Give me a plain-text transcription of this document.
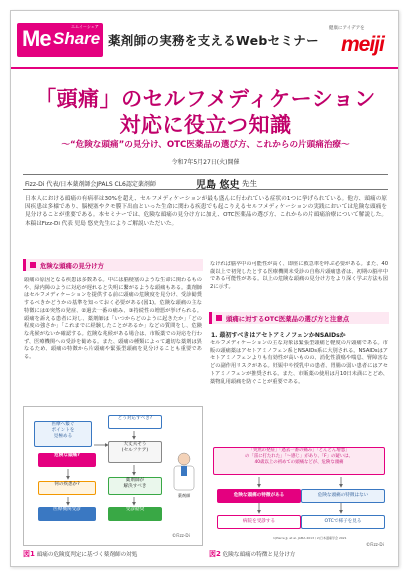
Me Share
エムイーシェア
薬剤師の実務を支えるWebセミナー
健康にアイデアを
meiji
「頭痛」のセルフメディケーション
対応に役立つ知識
〜“危険な頭痛”の見分け、OTC医薬品の選び方、これからの片頭痛治療〜
令和7年5月27日(火)開催
Fizz-Di 代表/日本薬剤師会JPALS CL6認定薬剤師	児島 悠史 先生
日本人における頭痛の有病率は30%を超え、セルフメディケーションが最も盛んに行われている症状の1つに挙げられている。他方、頭痛の原因疾患は多様であり、脳梗塞やクモ膜下出血といった生命に関わる疾患でも起こりえるセルフメディケーションの実践においては危険な頭痛を見分けることが重要である。本セミナーでは、危険な頭痛の見分け方に加え、OTC医薬品の選び方、これからの片頭痛治療について解説した。本稿はFizz-Di 代表 児島 悠史先生によりご解説いただいた。
危険な頭痛の見分け方
頭痛の原因となる疾患は多数ある。中には脳梗塞のような生命に関わるものや、緑内障のように対応が遅れると失明に繋がるような頭痛もある。薬剤師はセルフメディケーションを提供する前に頭痛の危険度を見分け、受診勧奨するべきかどうかの基準を知っておく必要がある(図1)。危険な頭痛の主な特徴には①突然の発症、②過去一番の痛み、③持続性の増悪が挙げられる。頭痛を訴える患者に対し、薬剤師は「いつからどのように起きたか」「どの程度の強さか」「これまでに経験したことがあるか」などの質問をし、危険な兆候がないか確認する。危険な兆候がある場合は、市販薬での対応を行わず、医療機関への受診を勧める。また、頭痛の種類によって適切な薬剤は異なるため、頭痛の特徴から片頭痛や緊張型頭痛を見分けることも重要である。
なければ脳卒中の可能性が高く、即座に救急車を呼ぶ必要がある。また、40歳以上で初発したとする医療機関未受診の自称片頭痛患者は、初期の脳卒中である可能性がある。以上の危険な頭痛の見分け方をより深く学ぶ方法も図2に示す。
頭痛に対するOTC医薬品の選び方と注意点
1. 最初すべきはアセトアミノフェンかNSAIDsか
セルフメディケーションの主な対象は緊張型頭痛と軽度の片頭痛である。市販の頭痛薬はアセトアミノフェン系とNSAIDs系に大別される。NSAIDsはアセトアミノフェンよりも有効性が高いものの、消化性潰瘍や喘息、腎障害などの副作用リスクがある。妊娠中や授乳中の患者、胃腸の弱い患者にはアセトアミノフェンが推奨される。また、市販薬の使用は月10日未満にとどめ、薬物乱用頭痛を防ぐことが重要である。
医療へ繋ぐ
ポイントを
見極める
どう対応すべき?
大丈夫そう
(セルフケア)
危険な頭痛?
何の疾患か?
薬剤師が
解決すべき
医療機関受診	受診勧奨
薬剤師
©Fizz-Di
図1 頭痛の危険度判定に基づく薬剤師の対処
「突然の発症」「過去一番の痛み」「どんどん増悪」
の「雷に打たれた」「〜感じ」があり、「F」の疑いは、
40歳以上の初めての頭痛などが、危険な頭痛
危険な頭痛の特徴がある	危険な頭痛の特徴はない
病院を受診する	OTCで様子を見る
1)Pierre JJ, et al. JAMA 2013 / 2)日本頭痛学会 2021
©Fizz-Di
図2 危険な頭痛の特徴と見分け方
